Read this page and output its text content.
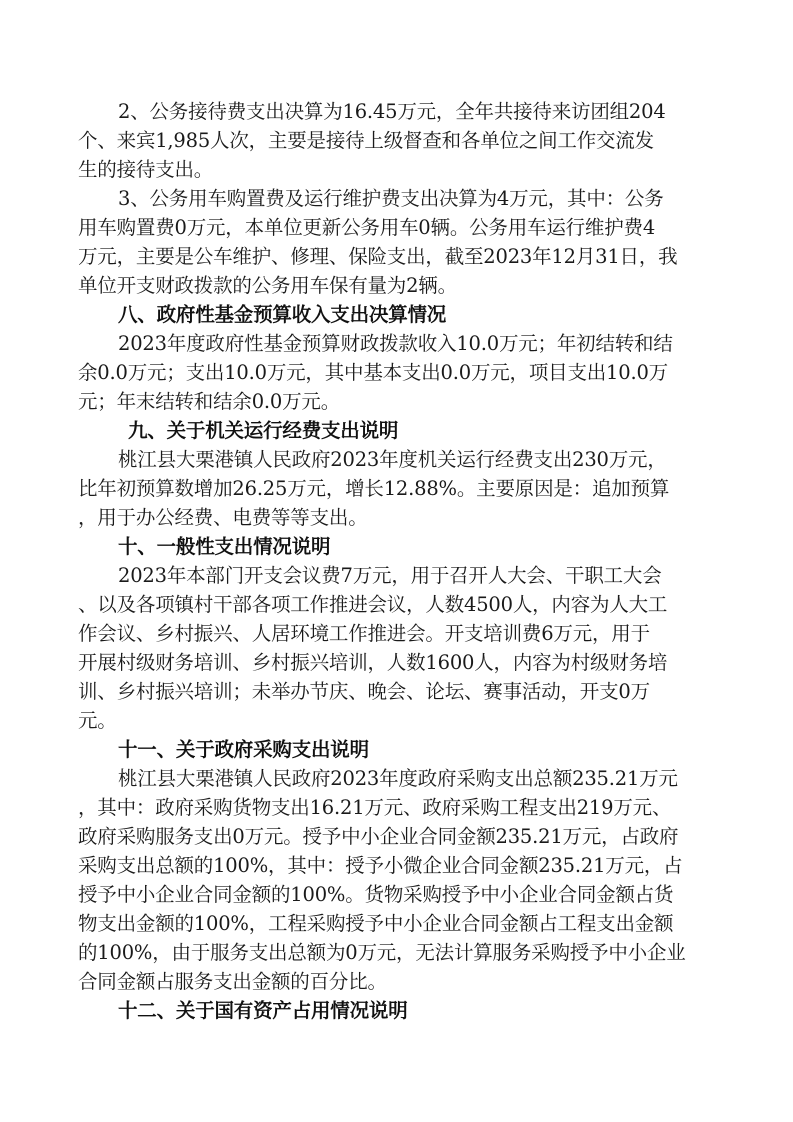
2、公务接待费支出决算为16.45万元，全年共接待来访团组204
个、来宾1,985人次，主要是接待上级督查和各单位之间工作交流发
生的接待支出。
3、公务用车购置费及运行维护费支出决算为4万元，其中：公务
用车购置费0万元，本单位更新公务用车0辆。公务用车运行维护费4
万元，主要是公车维护、修理、保险支出，截至2023年12月31日，我
单位开支财政拨款的公务用车保有量为2辆。
八、政府性基金预算收入支出决算情况
2023年度政府性基金预算财政拨款收入10.0万元；年初结转和结
余0.0万元；支出10.0万元，其中基本支出0.0万元，项目支出10.0万
元；年末结转和结余0.0万元。
九、关于机关运行经费支出说明
桃江县大栗港镇人民政府2023年度机关运行经费支出230万元，
比年初预算数增加26.25万元，增长12.88%。主要原因是：追加预算
，用于办公经费、电费等等支出。
十、一般性支出情况说明
2023年本部门开支会议费7万元，用于召开人大会、干职工大会
、以及各项镇村干部各项工作推进会议，人数4500人，内容为人大工
作会议、乡村振兴、人居环境工作推进会。开支培训费6万元，用于
开展村级财务培训、乡村振兴培训，人数1600人，内容为村级财务培
训、乡村振兴培训；未举办节庆、晚会、论坛、赛事活动，开支0万
元。
十一、关于政府采购支出说明
桃江县大栗港镇人民政府2023年度政府采购支出总额235.21万元
，其中：政府采购货物支出16.21万元、政府采购工程支出219万元、
政府采购服务支出0万元。授予中小企业合同金额235.21万元，占政府
采购支出总额的100%，其中：授予小微企业合同金额235.21万元，占
授予中小企业合同金额的100%。货物采购授予中小企业合同金额占货
物支出金额的100%，工程采购授予中小企业合同金额占工程支出金额
的100%，由于服务支出总额为0万元，无法计算服务采购授予中小企业
合同金额占服务支出金额的百分比。
十二、关于国有资产占用情况说明
